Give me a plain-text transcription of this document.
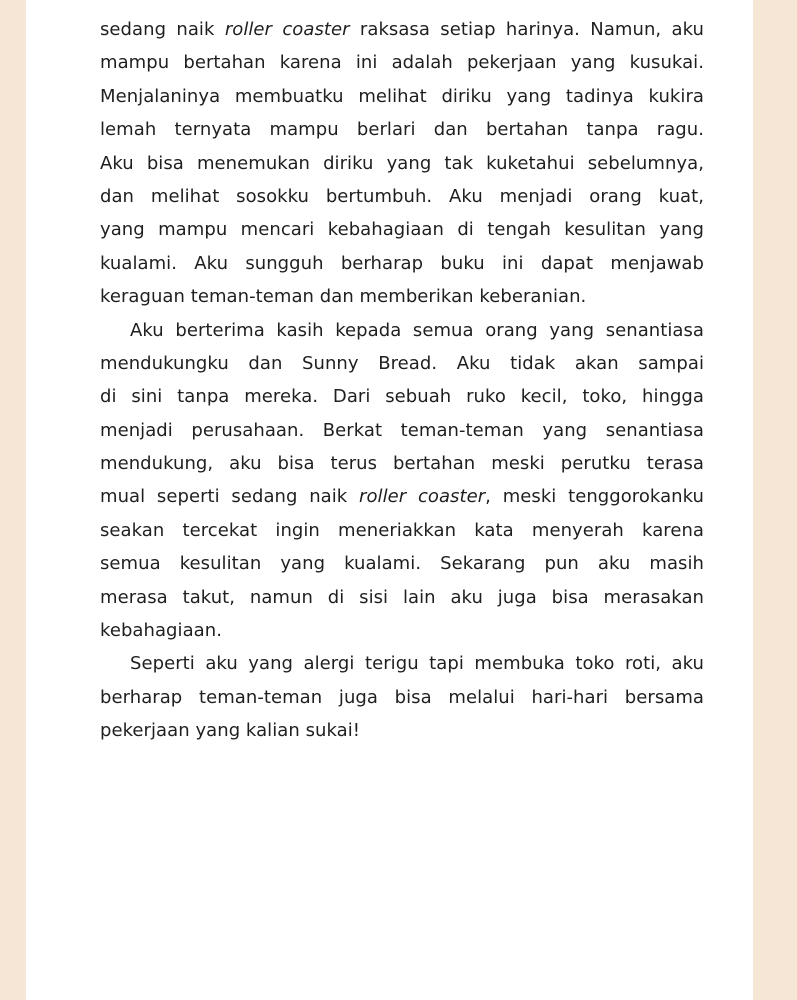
sedang naik roller coaster raksasa setiap harinya. Namun, aku
mampu bertahan karena ini adalah pekerjaan yang kusukai.
Menjalaninya membuatku melihat diriku yang tadinya kukira
lemah ternyata mampu berlari dan bertahan tanpa ragu.
Aku bisa menemukan diriku yang tak kuketahui sebelumnya,
dan melihat sosokku bertumbuh. Aku menjadi orang kuat,
yang mampu mencari kebahagiaan di tengah kesulitan yang
kualami. Aku sungguh berharap buku ini dapat menjawab
keraguan teman-teman dan memberikan keberanian.
Aku berterima kasih kepada semua orang yang senantiasa
mendukungku dan Sunny Bread. Aku tidak akan sampai
di sini tanpa mereka. Dari sebuah ruko kecil, toko, hingga
menjadi perusahaan. Berkat teman-teman yang senantiasa
mendukung, aku bisa terus bertahan meski perutku terasa
mual seperti sedang naik roller coaster, meski tenggorokanku
seakan tercekat ingin meneriakkan kata menyerah karena
semua kesulitan yang kualami. Sekarang pun aku masih
merasa takut, namun di sisi lain aku juga bisa merasakan
kebahagiaan.
Seperti aku yang alergi terigu tapi membuka toko roti, aku
berharap teman-teman juga bisa melalui hari-hari bersama
pekerjaan yang kalian sukai!
